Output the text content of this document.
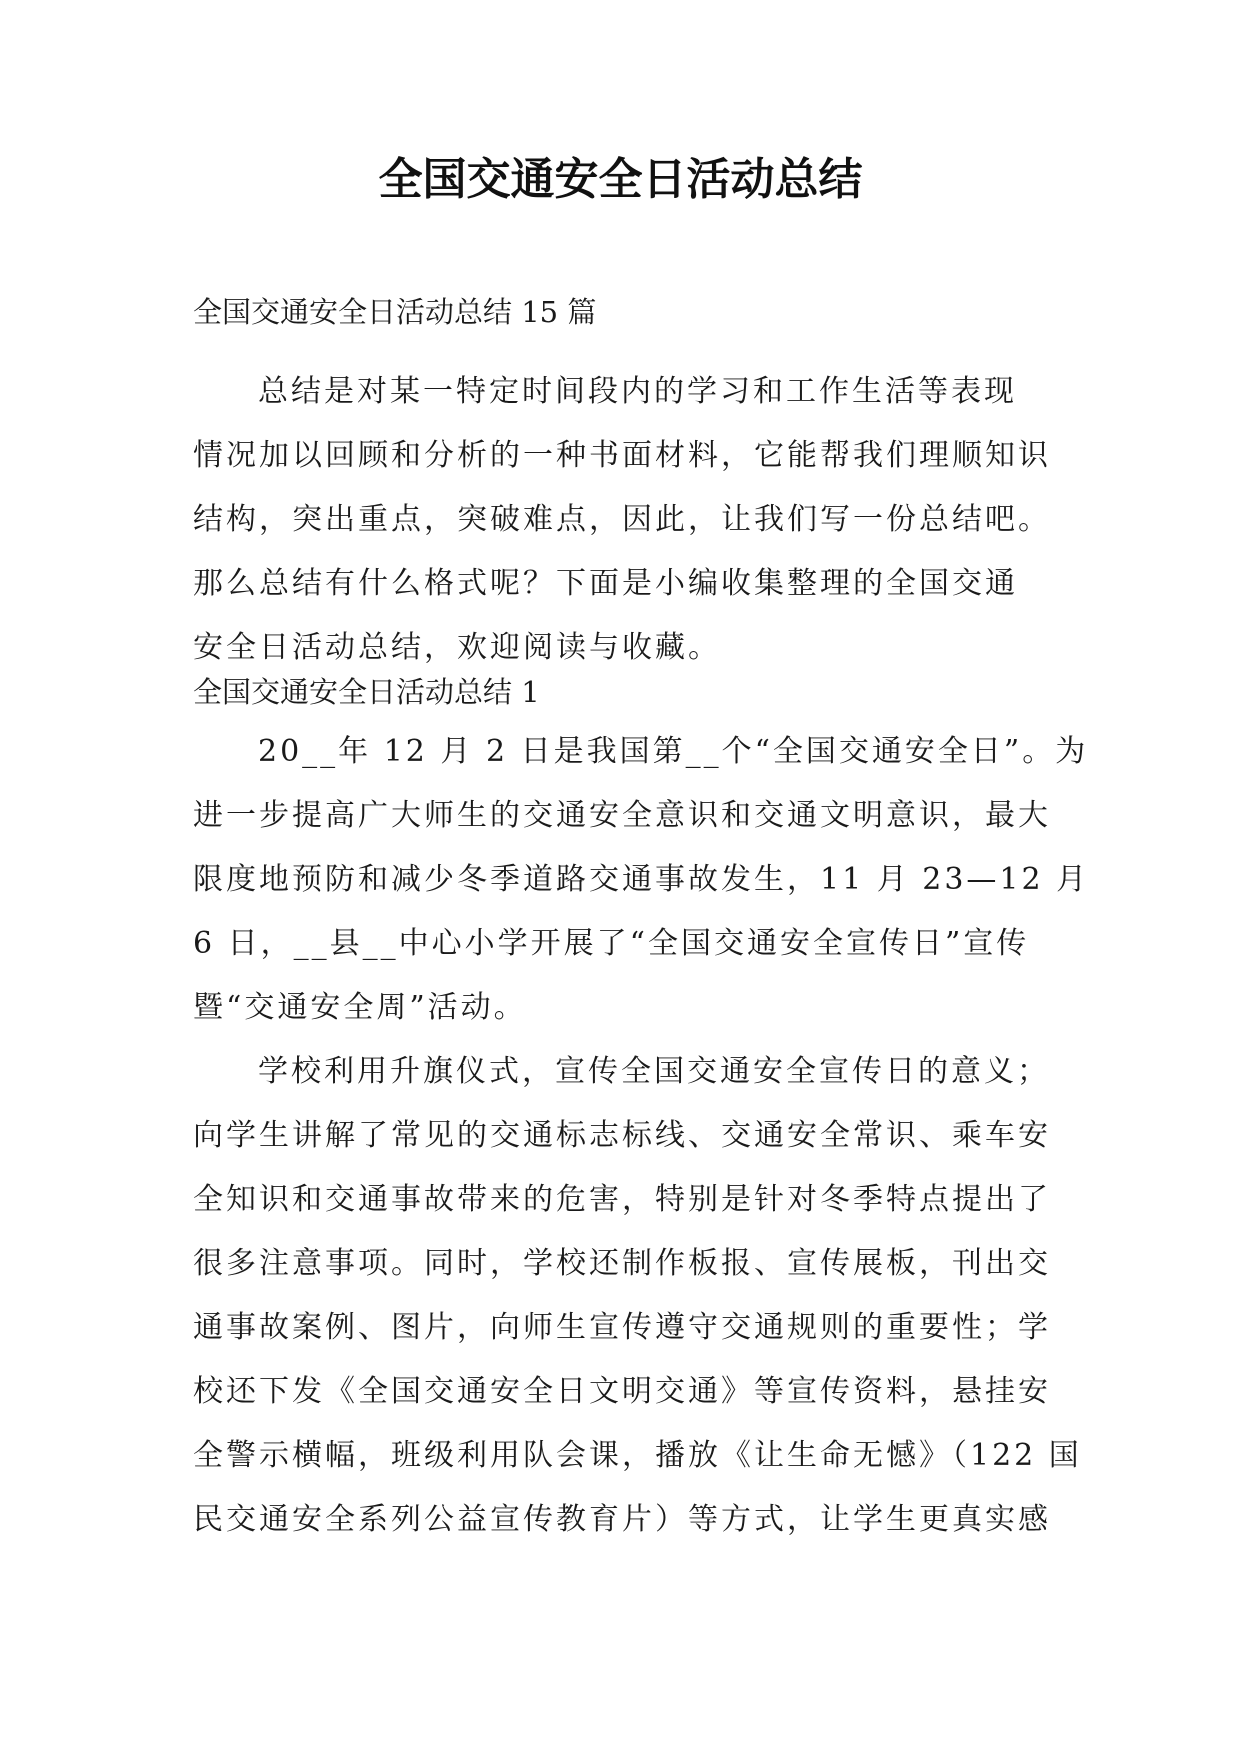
全国交通安全日活动总结

全国交通安全日活动总结 15 篇

总结是对某一特定时间段内的学习和工作生活等表现
情况加以回顾和分析的一种书面材料，它能帮我们理顺知识
结构，突出重点，突破难点，因此，让我们写一份总结吧。
那么总结有什么格式呢？下面是小编收集整理的全国交通
安全日活动总结，欢迎阅读与收藏。

全国交通安全日活动总结 1

20__年 12 月 2 日是我国第__个“全国交通安全日”。为
进一步提高广大师生的交通安全意识和交通文明意识，最大
限度地预防和减少冬季道路交通事故发生，11 月 23—12 月
6 日，__县__中心小学开展了“全国交通安全宣传日”宣传
暨“交通安全周”活动。
学校利用升旗仪式，宣传全国交通安全宣传日的意义；
向学生讲解了常见的交通标志标线、交通安全常识、乘车安
全知识和交通事故带来的危害，特别是针对冬季特点提出了
很多注意事项。同时，学校还制作板报、宣传展板，刊出交
通事故案例、图片，向师生宣传遵守交通规则的重要性；学
校还下发《全国交通安全日文明交通》等宣传资料，悬挂安
全警示横幅，班级利用队会课，播放《让生命无憾》（122 国
民交通安全系列公益宣传教育片）等方式，让学生更真实感
